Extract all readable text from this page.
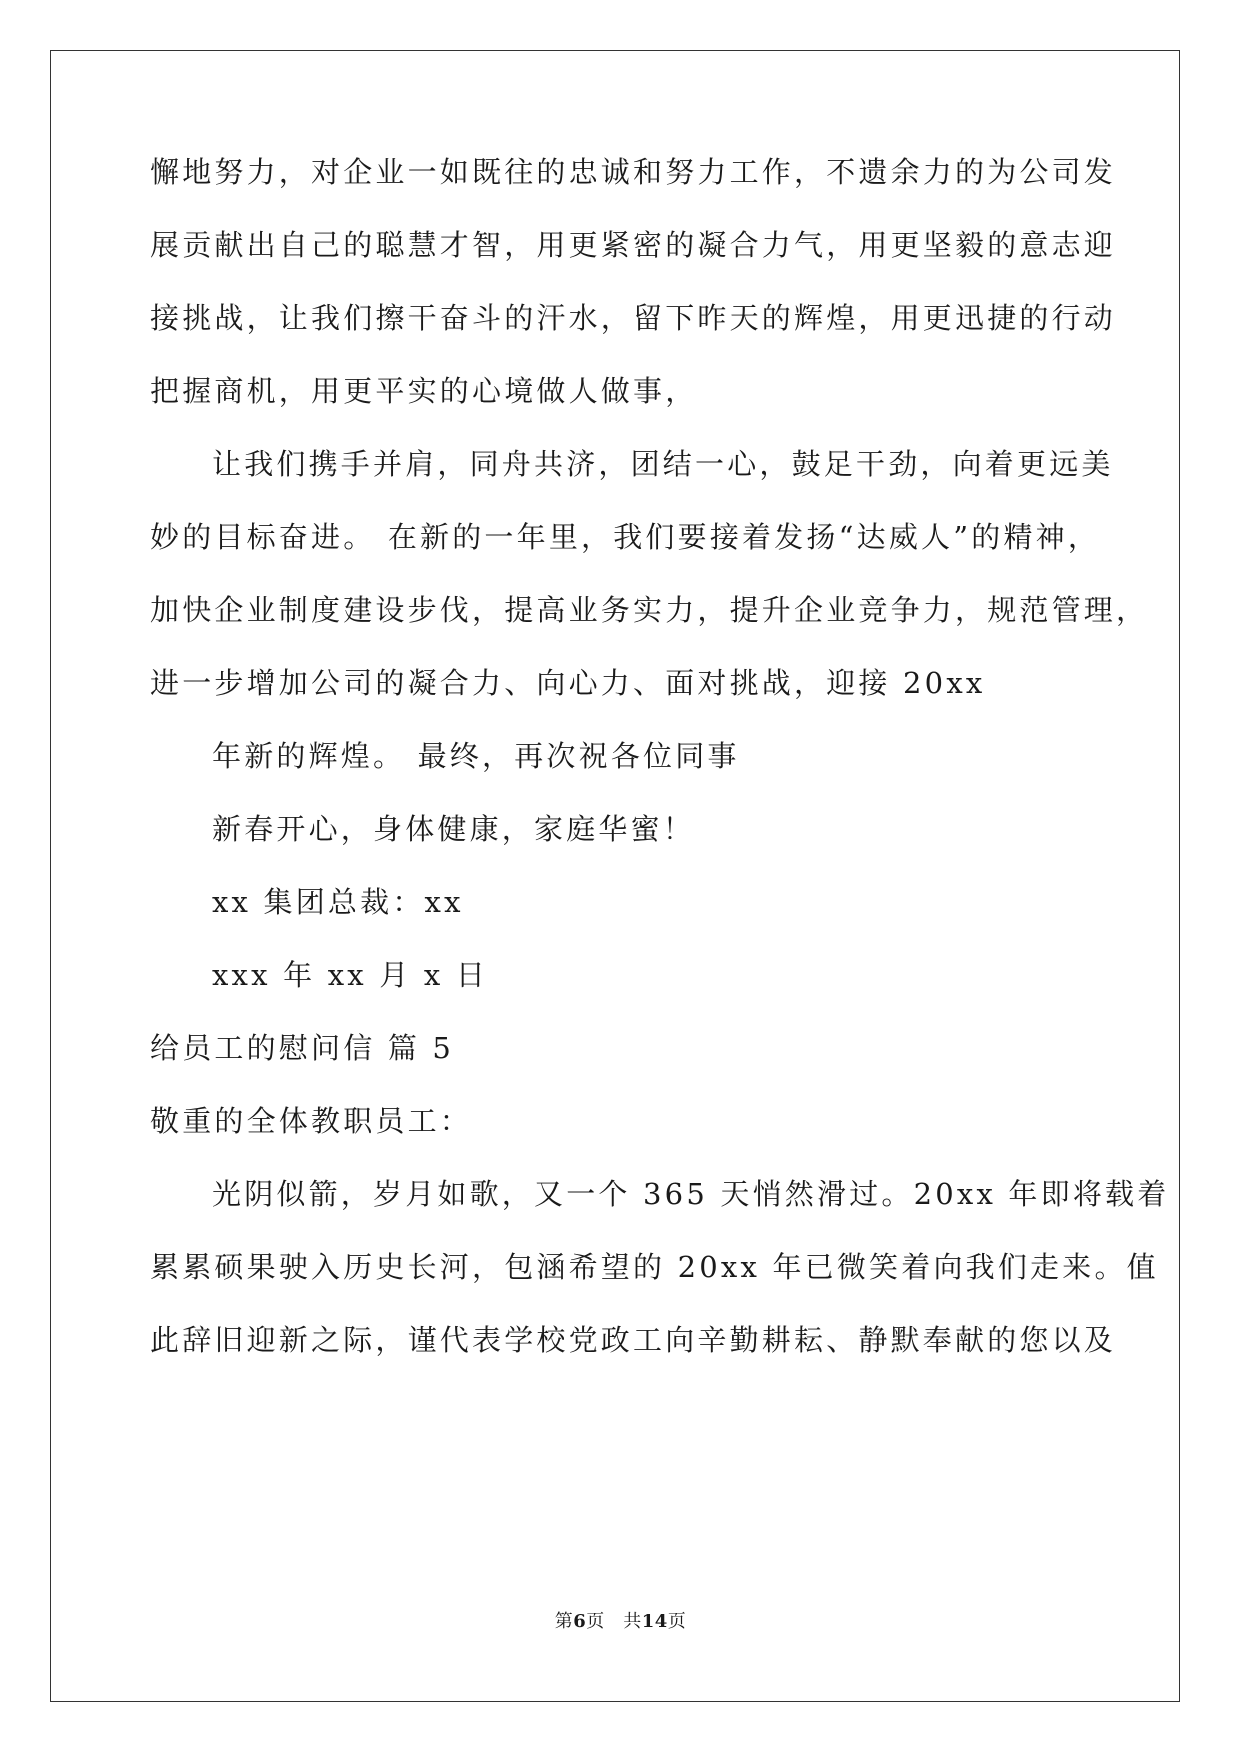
懈地努力，对企业一如既往的忠诚和努力工作，不遗余力的为公司发
展贡献出自己的聪慧才智，用更紧密的凝合力气，用更坚毅的意志迎
接挑战，让我们擦干奋斗的汗水，留下昨天的辉煌，用更迅捷的行动
把握商机，用更平实的心境做人做事，
让我们携手并肩，同舟共济，团结一心，鼓足干劲，向着更远美
妙的目标奋进。 在新的一年里，我们要接着发扬“达威人”的精神，
加快企业制度建设步伐，提高业务实力，提升企业竞争力，规范管理，
进一步增加公司的凝合力、向心力、面对挑战，迎接 20xx
年新的辉煌。 最终，再次祝各位同事
新春开心，身体健康，家庭华蜜！
xx 集团总裁：xx
xxx 年 xx 月 x 日
给员工的慰问信 篇 5
敬重的全体教职员工：
光阴似箭，岁月如歌，又一个 365 天悄然滑过。20xx 年即将载着
累累硕果驶入历史长河，包涵希望的 20xx 年已微笑着向我们走来。值
此辞旧迎新之际，谨代表学校党政工向辛勤耕耘、静默奉献的您以及
第6页　共14页
